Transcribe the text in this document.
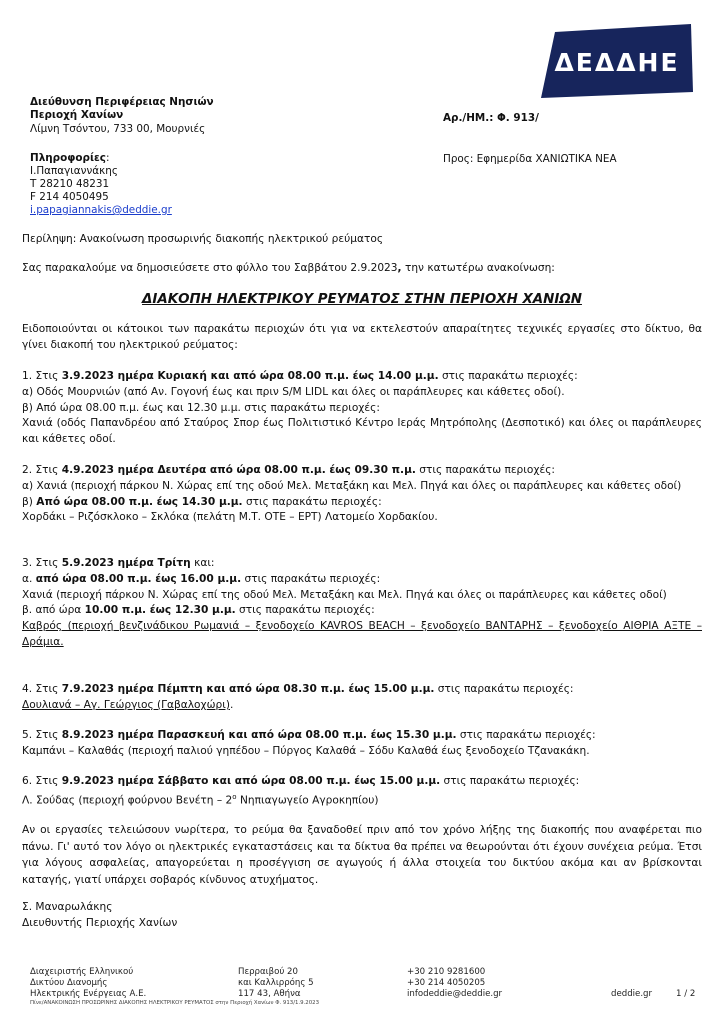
ΔΕΔΔΗΕ
Διεύθυνση Περιφέρειας Νησιών
Περιοχή Χανίων
Λίμνη Τσόντου, 733 00, Μουρνιές
Αρ./ΗΜ.: Φ. 913/
Πληροφορίες:
Ι.Παπαγιαννάκης
Τ 28210 48231
F 214 4050495
i.papagiannakis@deddie.gr
Προς: Εφημερίδα ΧΑΝΙΩΤΙΚΑ ΝΕΑ
Περίληψη: Ανακοίνωση προσωρινής διακοπής ηλεκτρικού ρεύματος
Σας παρακαλούμε να δημοσιεύσετε στο φύλλο του Σαββάτου 2.9.2023, την κατωτέρω ανακοίνωση:
ΔΙΑΚΟΠΗ ΗΛΕΚΤΡΙΚΟΥ ΡΕΥΜΑΤΟΣ ΣΤΗΝ ΠΕΡΙΟΧΗ ΧΑΝΙΩΝ
Ειδοποιούνται οι κάτοικοι των παρακάτω περιοχών ότι για να εκτελεστούν απαραίτητες τεχνικές εργασίες στο δίκτυο, θα γίνει διακοπή του ηλεκτρικού ρεύματος:

1. Στις 3.9.2023 ημέρα Κυριακή και από ώρα 08.00 π.μ. έως 14.00 μ.μ. στις παρακάτω περιοχές:

α) Οδός Μουρνιών (από Αν. Γογονή έως και πριν S/M LIDL και όλες οι παράπλευρες και κάθετες οδοί).

β) Από ώρα 08.00 π.μ. έως και 12.30 μ.μ. στις παρακάτω περιοχές:

Χανιά (οδός Παπανδρέου από Σταύρος Σπορ έως Πολιτιστικό Κέντρο Ιεράς Μητρόπολης (Δεσποτικό) και όλες οι παράπλευρες και κάθετες οδοί.

2. Στις 4.9.2023 ημέρα Δευτέρα από ώρα 08.00 π.μ. έως 09.30 π.μ. στις παρακάτω περιοχές:

α) Χανιά (περιοχή πάρκου Ν. Χώρας επί της οδού Μελ. Μεταξάκη και Μελ. Πηγά και όλες οι παράπλευρες και κάθετες οδοί)

β) Από ώρα 08.00 π.μ. έως 14.30 μ.μ. στις παρακάτω περιοχές:

Χορδάκι – Ριζόσκλοκο – Σκλόκα (πελάτη Μ.Τ. ΟΤΕ – ΕΡΤ) Λατομείο Χορδακίου.

3. Στις 5.9.2023 ημέρα Τρίτη και:

α. από ώρα 08.00 π.μ. έως 16.00 μ.μ. στις παρακάτω περιοχές:

Χανιά (περιοχή πάρκου Ν. Χώρας επί της οδού Μελ. Μεταξάκη και Μελ. Πηγά και όλες οι παράπλευρες και κάθετες οδοί)

β. από ώρα 10.00 π.μ. έως 12.30 μ.μ. στις παρακάτω περιοχές:

Καβρός (περιοχή βενζινάδικου Ρωμανιά – ξενοδοχείο KAVROS BEACH – ξενοδοχείο ΒΑΝΤΑΡΗΣ – ξενοδοχείο ΑΙΘΡΙΑ ΑΞΤΕ – Δράμια.

4. Στις 7.9.2023 ημέρα Πέμπτη και από ώρα 08.30 π.μ. έως 15.00 μ.μ. στις παρακάτω περιοχές:

Δουλιανά – Αγ. Γεώργιος (Γαβαλοχώρι).

5. Στις 8.9.2023 ημέρα Παρασκευή και από ώρα 08.00 π.μ. έως 15.30 μ.μ. στις παρακάτω περιοχές:

Καμπάνι – Καλαθάς (περιοχή παλιού γηπέδου – Πύργος Καλαθά – Σόδυ Καλαθά έως ξενοδοχείο Τζανακάκη.

6. Στις 9.9.2023 ημέρα Σάββατο και από ώρα 08.00 π.μ. έως 15.00 μ.μ. στις παρακάτω περιοχές:

Λ. Σούδας (περιοχή φούρνου Βενέτη – $2^o$ Νηπιαγωγείο Αγροκηπίου)

Αν οι εργασίες τελειώσουν νωρίτερα, το ρεύμα θα ξαναδοθεί πριν από τον χρόνο λήξης της διακοπής που αναφέρεται πιο πάνω. Γι' αυτό τον λόγο οι ηλεκτρικές εγκαταστάσεις και τα δίκτυα θα πρέπει να θεωρούνται ότι έχουν συνέχεια ρεύμα. Έτσι για λόγους ασφαλείας, απαγορεύεται η προσέγγιση σε αγωγούς ή άλλα στοιχεία του δικτύου ακόμα και αν βρίσκονται καταγής, γιατί υπάρχει σοβαρός κίνδυνος ατυχήματος.
Σ. Μαναρωλάκης
Διευθυντής Περιοχής Χανίων
Διαχειριστής Ελληνικού
Δικτύου Διανομής
Ηλεκτρικής Ενέργειας Α.Ε.
Περραιβού 20
και Καλλιρρόης 5
117 43, Αθήνα
+30 210 9281600
+30 214 4050205
infodeddie@deddie.gr	deddie.gr	1 / 2
Πίνε/ΑΝΑΚΟΙΝΩΣΗ ΠΡΟΣΩΡΙΝΗΣ ΔΙΑΚΟΠΗΣ ΗΛΕΚΤΡΙΚΟΥ ΡΕΥΜΑΤΟΣ στην Περιοχή Χανίων Φ. 913/1.9.2023
